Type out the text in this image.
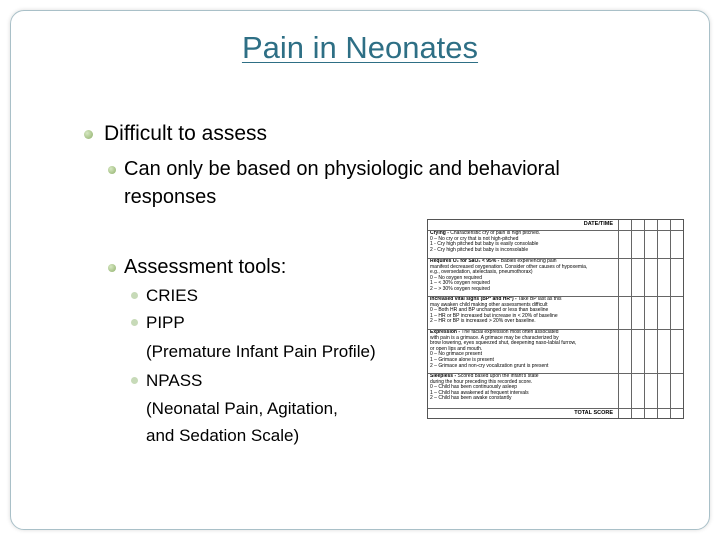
Pain in Neonates
Difficult to assess
Can only be based on physiologic and behavioral
responses
Assessment tools:
CRIES
PIPP
(Premature Infant Pain Profile)
NPASS
(Neonatal Pain, Agitation,
and Sedation Scale)
DATE/TIME
Crying - Characteristic cry of pain is high pitched.
0 – No cry or cry that is not high-pitched
1 - Cry high pitched but baby is easily consolable
2 - Cry high pitched but baby is inconsolable
Requires O₂ for SaO₂ < 95% - Babies experiencing pain
manifest decreased oxygenation. Consider other causes of hypoxemia,
e.g., oversedation, atelectasis, pneumothorax)
0 – No oxygen required
1 – < 30% oxygen required
2 – > 30% oxygen required
Increased vital signs (BP* and HR*) - Take BP last as this
may awaken child making other assessments difficult
0 – Both HR and BP unchanged or less than baseline
1 – HR or BP increased but increase in < 20% of baseline
2 – HR or BP is increased > 20% over baseline.
Expression - The facial expression most often associated
with pain is a grimace. A grimace may be characterized by
brow lowering, eyes squeezed shut, deepening naso-labial furrow,
or open lips and mouth.
0 – No grimace present
1 – Grimace alone is present
2 – Grimace and non-cry vocalization grunt is present
Sleepless - Scored based upon the infant's state
during the hour preceding this recorded score.
0 – Child has been continuously asleep
1 – Child has awakened at frequent intervals
2 – Child has been awake constantly
TOTAL SCORE
